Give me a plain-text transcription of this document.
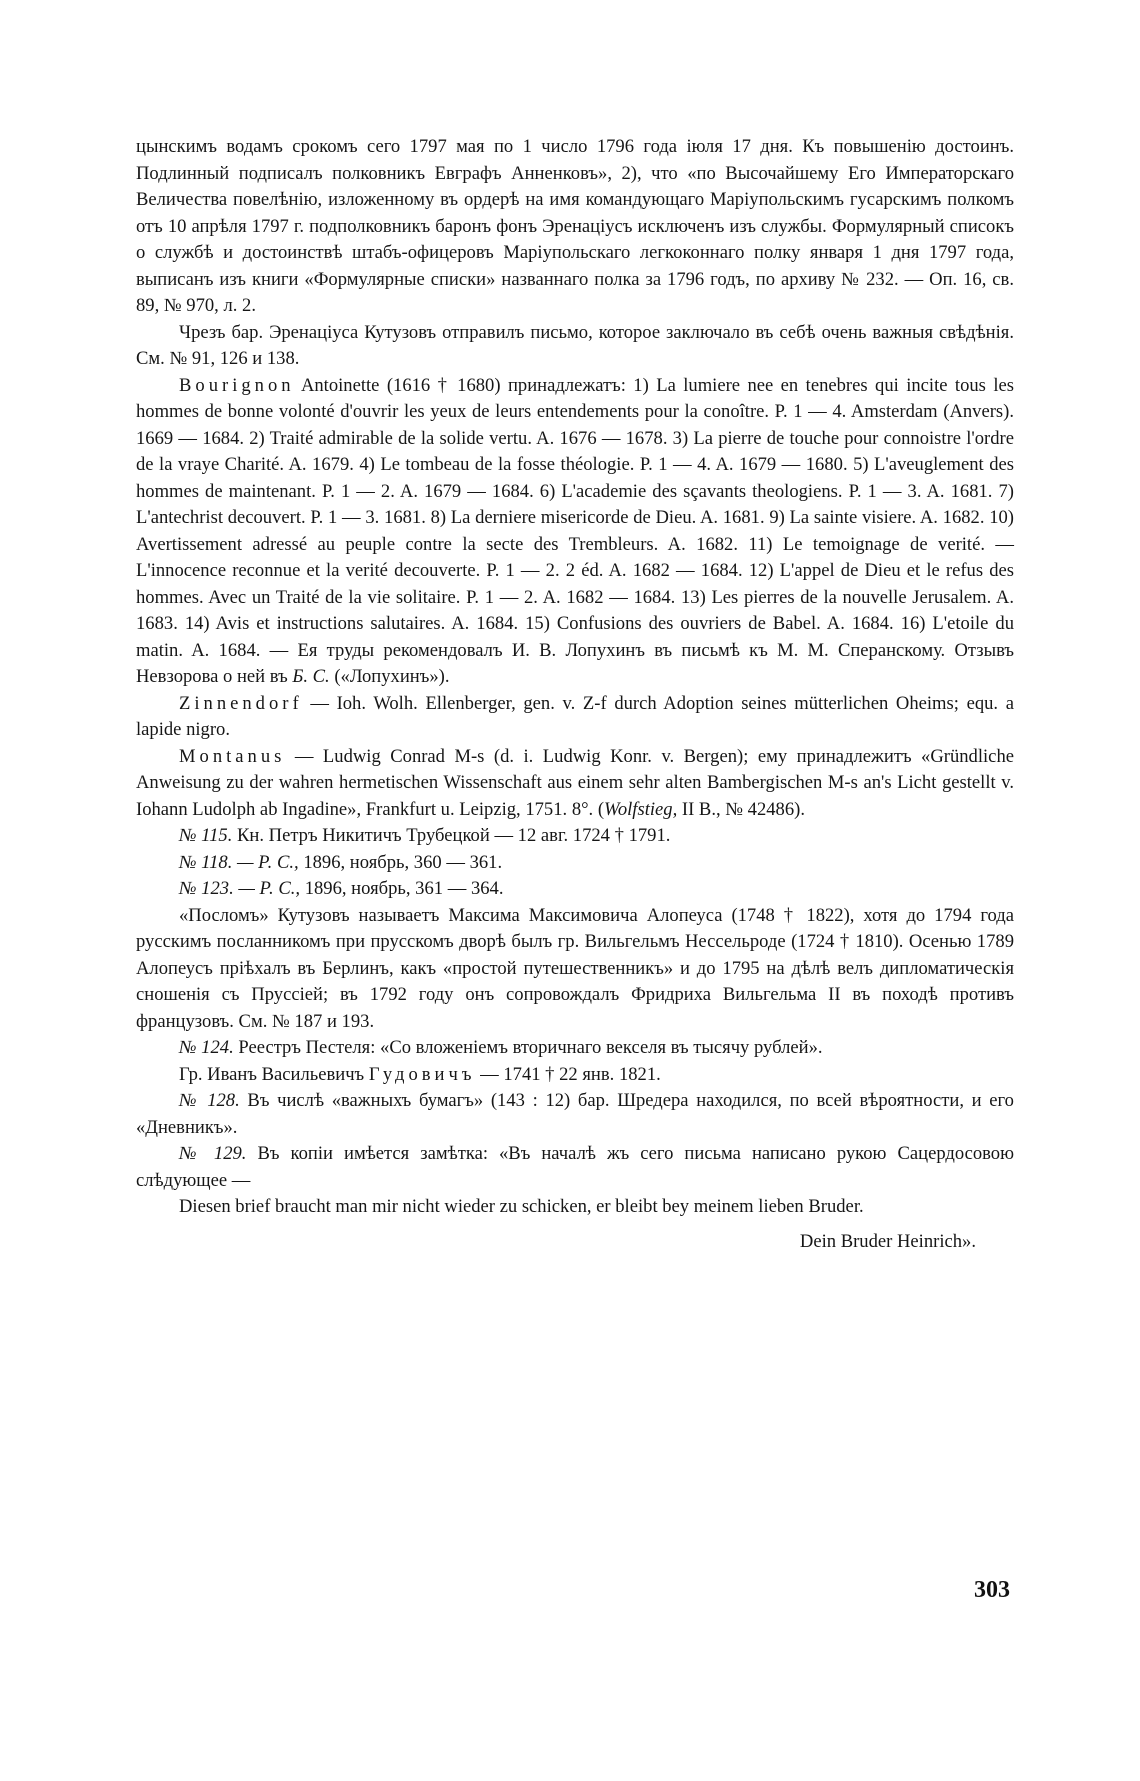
цынскимъ водамъ срокомъ сего 1797 мая по 1 число 1796 года іюля 17 дня. Къ повышенію достоинъ. Подлинный подписалъ полковникъ Евграфъ Анненковъ», 2), что «по Высочайшему Его Императорскаго Величества повелѣнію, изложенному въ ордерѣ на имя командующаго Маріупольскимъ гусарскимъ полкомъ отъ 10 апрѣля 1797 г. подполковникъ баронъ фонъ Эренаціусъ исключенъ изъ службы. Формулярный списокъ о службѣ и достоинствѣ штабъ-офицеровъ Маріупольскаго легкоконнаго полку января 1 дня 1797 года, выписанъ изъ книги «Формулярные списки» названнаго полка за 1796 годъ, по архиву № 232. — Оп. 16, св. 89, № 970, л. 2.

Чрезъ бар. Эренаціуса Кутузовъ отправилъ письмо, которое заключало въ себѣ очень важныя свѣдѣнія. См. № 91, 126 и 138.

Bourignon Antoinette (1616 † 1680) принадлежатъ: 1) La lumiere nee en tenebres qui incite tous les hommes de bonne volonté d'ouvrir les yeux de leurs entendements pour la conoître. P. 1 — 4. Amsterdam (Anvers). 1669 — 1684. 2) Traité admirable de la solide vertu. A. 1676 — 1678. 3) La pierre de touche pour connoistre l'ordre de la vraye Charité. A. 1679. 4) Le tombeau de la fosse théologie. P. 1 — 4. A. 1679 — 1680. 5) L'aveuglement des hommes de maintenant. P. 1 — 2. A. 1679 — 1684. 6) L'academie des sçavants theologiens. P. 1 — 3. A. 1681. 7) L'antechrist decouvert. P. 1 — 3. 1681. 8) La derniere misericorde de Dieu. A. 1681. 9) La sainte visiere. A. 1682. 10) Avertissement adressé au peuple contre la secte des Trembleurs. A. 1682. 11) Le temoignage de verité. — L'innocence reconnue et la verité decouverte. P. 1 — 2. 2 éd. A. 1682 — 1684. 12) L'appel de Dieu et le refus des hommes. Avec un Traité de la vie solitaire. P. 1 — 2. A. 1682 — 1684. 13) Les pierres de la nouvelle Jerusalem. A. 1683. 14) Avis et instructions salutaires. A. 1684. 15) Confusions des ouvriers de Babel. A. 1684. 16) L'etoile du matin. A. 1684. — Ея труды рекомендовалъ И. В. Лопухинъ въ письмѣ къ М. М. Сперанскому. Отзывъ Невзорова о ней въ Б. С. («Лопухинъ»).

Zinnendorf — Ioh. Wolh. Ellenberger, gen. v. Z-f durch Adoption seines mütterlichen Oheims; equ. a lapide nigro.

Montanus — Ludwig Conrad M-s (d. i. Ludwig Konr. v. Bergen); ему принадлежитъ «Gründliche Anweisung zu der wahren hermetischen Wissenschaft aus einem sehr alten Bambergischen M-s an's Licht gestellt v. Iohann Ludolph ab Ingadine», Frankfurt u. Leipzig, 1751. 8°. (Wolfstieg, II B., № 42486).

№ 115. Кн. Петръ Никитичъ Трубецкой — 12 авг. 1724 † 1791.

№ 118. — Р. С., 1896, ноябрь, 360 — 361.

№ 123. — Р. С., 1896, ноябрь, 361 — 364.

«Посломъ» Кутузовъ называетъ Максима Максимовича Алопеуса (1748 † 1822), хотя до 1794 года русскимъ посланникомъ при прусскомъ дворѣ былъ гр. Вильгельмъ Нессельроде (1724 † 1810). Осенью 1789 Алопеусъ пріѣхалъ въ Берлинъ, какъ «простой путешественникъ» и до 1795 на дѣлѣ велъ дипломатическія сношенія съ Пруссіей; въ 1792 году онъ сопровождалъ Фридриха Вильгельма II въ походѣ противъ французовъ. См. № 187 и 193.

№ 124. Реестръ Пестеля: «Со вложеніемъ вторичнаго векселя въ тысячу рублей».

Гр. Иванъ Васильевичъ Гудовичъ — 1741 † 22 янв. 1821.

№ 128. Въ числѣ «важныхъ бумагъ» (143 : 12) бар. Шредера находился, по всей вѣроятности, и его «Дневникъ».

№ 129. Въ копіи имѣется замѣтка: «Въ началѣ жъ сего письма написано рукою Сацердосовою слѣдующее —

Diesen brief braucht man mir nicht wieder zu schicken, er bleibt bey meinem lieben Bruder.

Dein Bruder Heinrich».

303
